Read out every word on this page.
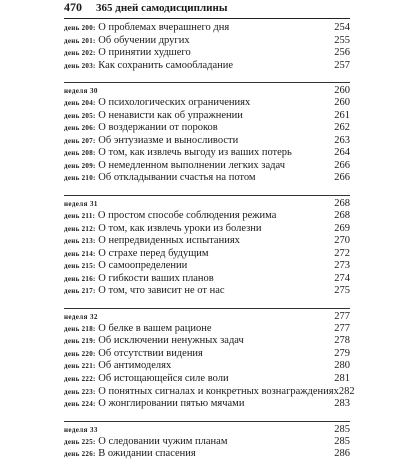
470 365 дней самодисциплины
день 200: О проблемах вчерашнего дня	254
день 201: Об обучении других	255
день 202: О принятии худшего	256
день 203: Как сохранить самообладание	257
неделя 30	260
день 204: О психологических ограничениях	260
день 205: О ненависти как об упражнении	261
день 206: О воздержании от пороков	262
день 207: Об энтузиазме и выносливости	263
день 208: О том, как извлечь выгоду из ваших потерь	264
день 209: О немедленном выполнении легких задач	266
день 210: Об откладывании счастья на потом	266
неделя 31	268
день 211: О простом способе соблюдения режима	268
день 212: О том, как извлечь уроки из болезни	269
день 213: О непредвиденных испытаниях	270
день 214: О страхе перед будущим	272
день 215: О самоопределении	273
день 216: О гибкости ваших планов	274
день 217: О том, что зависит не от нас	275
неделя 32	277
день 218: О белке в вашем рационе	277
день 219: Об исключении ненужных задач	278
день 220: Об отсутствии видения	279
день 221: Об антимоделях	280
день 222: Об истощающейся силе воли	281
день 223: О понятных сигналах и конкретных вознаграждениях 282
день 224: О жонглировании пятью мячами	283
неделя 33	285
день 225: О следовании чужим планам	285
день 226: В ожидании спасения	286
